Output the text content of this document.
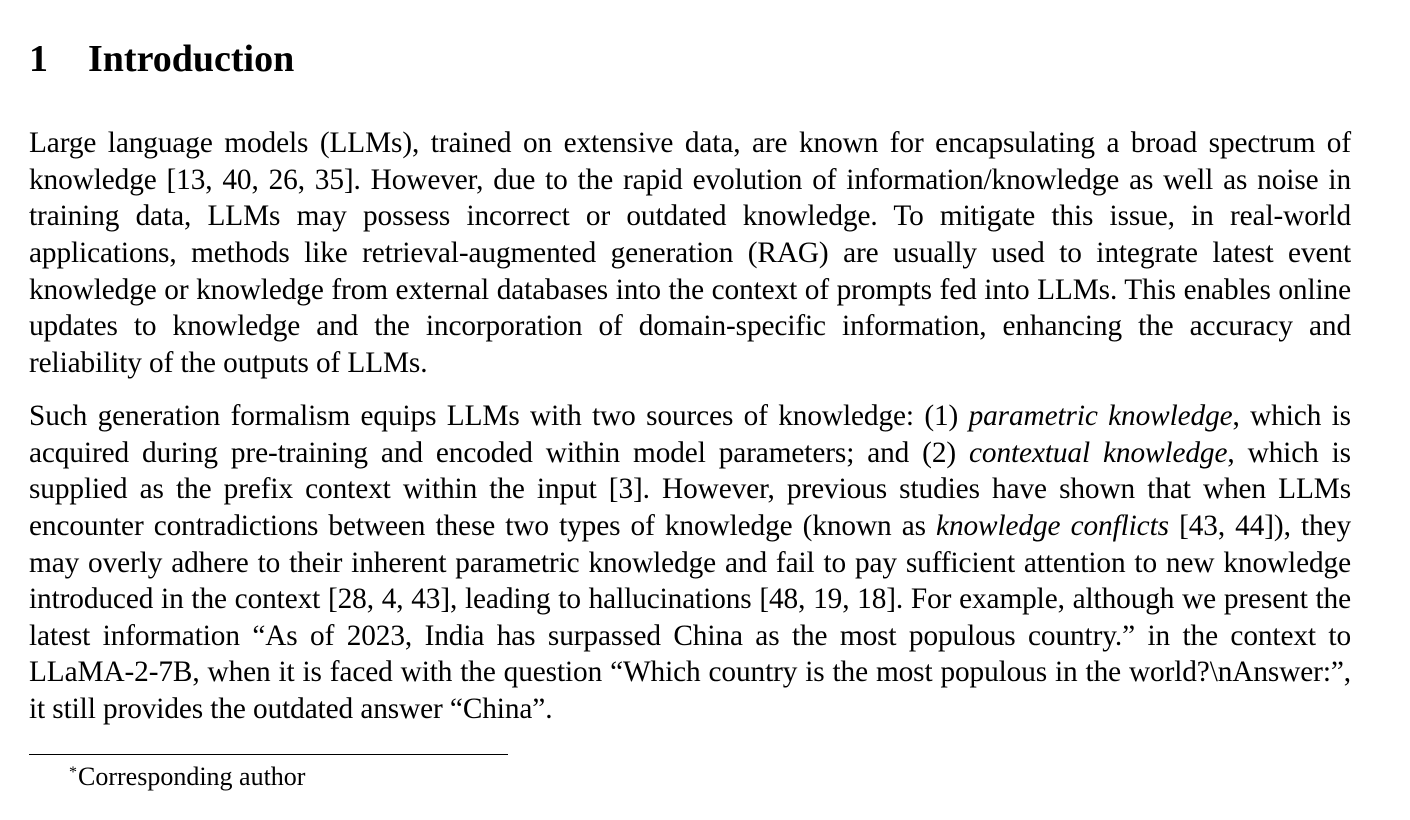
1 Introduction

Large language models (LLMs), trained on extensive data, are known for encapsulating a broad spectrum of knowledge [13, 40, 26, 35]. However, due to the rapid evolution of information/knowledge as well as noise in training data, LLMs may possess incorrect or outdated knowledge. To mitigate this issue, in real-world applications, methods like retrieval-augmented generation (RAG) are usually used to integrate latest event knowledge or knowledge from external databases into the context of prompts fed into LLMs. This enables online updates to knowledge and the incorporation of domain-specific information, enhancing the accuracy and reliability of the outputs of LLMs.

Such generation formalism equips LLMs with two sources of knowledge: (1) parametric knowledge, which is acquired during pre-training and encoded within model parameters; and (2) contextual knowledge, which is supplied as the prefix context within the input [3]. However, previous studies have shown that when LLMs encounter contradictions between these two types of knowledge (known as knowledge conflicts [43, 44]), they may overly adhere to their inherent parametric knowledge and fail to pay sufficient attention to new knowledge introduced in the context [28, 4, 43], leading to hallucinations [48, 19, 18]. For example, although we present the latest information “As of 2023, India has surpassed China as the most populous country.” in the context to LLaMA-2-7B, when it is faced with the question “Which country is the most populous in the world?\nAnswer:”, it still provides the outdated answer “China”.

*Corresponding author
